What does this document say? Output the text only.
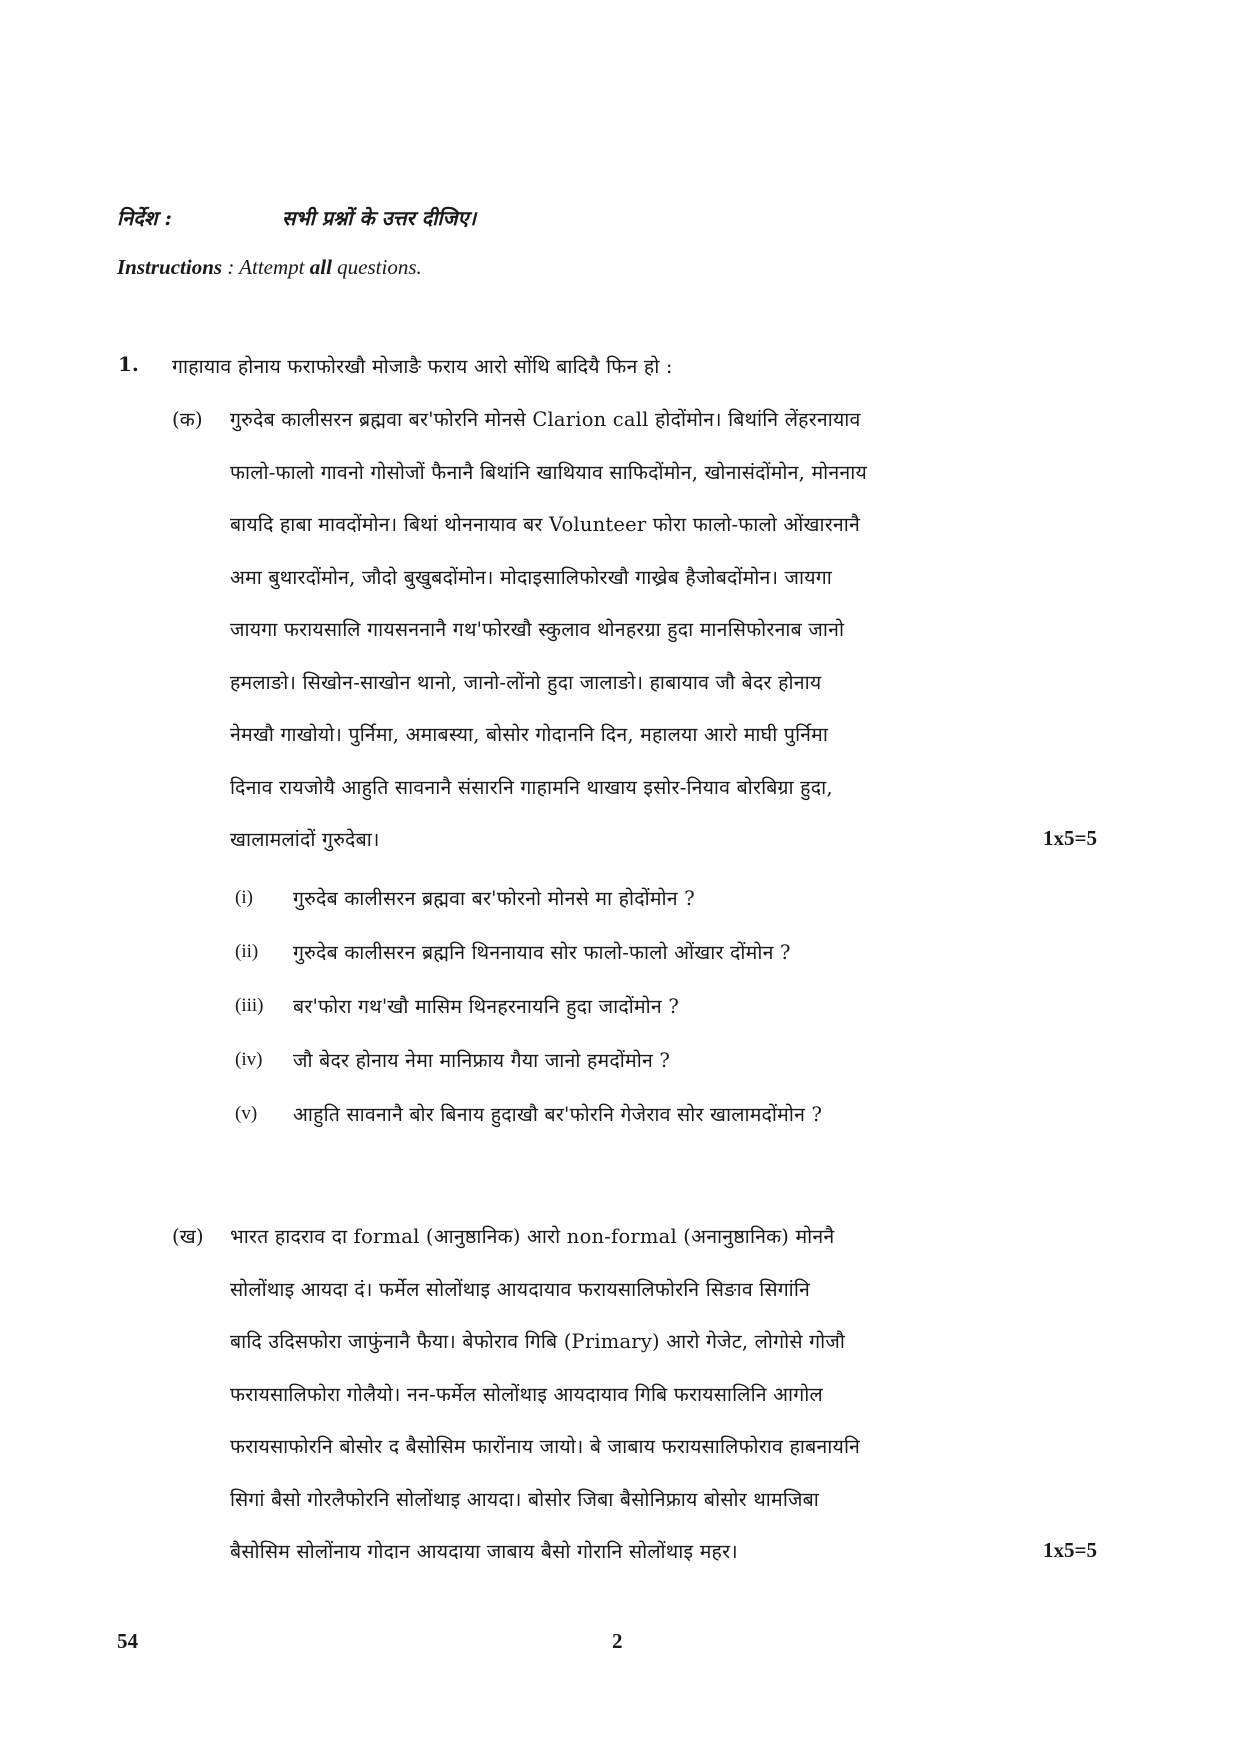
निर्देश :	सभी प्रश्नों के उत्तर दीजिए।
Instructions : Attempt all questions.
1. गाहायाव होनाय फराफोरखौ मोजाङै फराय आरो सोंथि बादियै फिन हो :
(क) गुरुदेब कालीसरन ब्रह्मवा बर'फोरनि मोनसे Clarion call होदोंमोन। बिथांनि लेंहरनायाव
फालो-फालो गावनो गोसोजों फैनानै बिथांनि खाथियाव साफिदोंमोन, खोनासंदोंमोन, मोननाय
बायदि हाबा मावदोंमोन। बिथां थोननायाव बर Volunteer फोरा फालो-फालो ओंखारनानै
अमा बुथारदोंमोन, जौदो बुखुबदोंमोन। मोदाइसालिफोरखौ गाख्रेब हैजोबदोंमोन। जायगा
जायगा फरायसालि गायसननानै गथ'फोरखौ स्कुलाव थोनहरग्रा हुदा मानसिफोरनाब जानो
हमलाङो। सिखोन-साखोन थानो, जानो-लोंनो हुदा जालाङो। हाबायाव जौ बेदर होनाय
नेमखौ गाखोयो। पुर्निमा, अमाबस्या, बोसोर गोदाननि दिन, महालया आरो माघी पुर्निमा
दिनाव रायजोयै आहुति सावनानै संसारनि गाहामनि थाखाय इसोर-नियाव बोरबिग्रा हुदा,
खालामलांदों गुरुदेबा।	1x5=5
(i) गुरुदेब कालीसरन ब्रह्मवा बर'फोरनो मोनसे मा होदोंमोन ?
(ii) गुरुदेब कालीसरन ब्रह्मनि थिननायाव सोर फालो-फालो ओंखार दोंमोन ?
(iii) बर'फोरा गथ'खौ मासिम थिनहरनायनि हुदा जादोंमोन ?
(iv) जौ बेदर होनाय नेमा मानिफ्राय गैया जानो हमदोंमोन ?
(v) आहुति सावनानै बोर बिनाय हुदाखौ बर'फोरनि गेजेराव सोर खालामदोंमोन ?
(ख) भारत हादराव दा formal (आनुष्ठानिक) आरो non-formal (अनानुष्ठानिक) मोननै
सोलोंथाइ आयदा दं। फर्मेल सोलोंथाइ आयदायाव फरायसालिफोरनि सिङाव सिगांनि
बादि उदिसफोरा जाफुंनानै फैया। बेफोराव गिबि (Primary) आरो गेजेट, लोगोसे गोजौ
फरायसालिफोरा गोलैयो। नन-फर्मेल सोलोंथाइ आयदायाव गिबि फरायसालिनि आगोल
फरायसाफोरनि बोसोर द बैसोसिम फारोंनाय जायो। बे जाबाय फरायसालिफोराव हाबनायनि
सिगां बैसो गोरलैफोरनि सोलोंथाइ आयदा। बोसोर जिबा बैसोनिफ्राय बोसोर थामजिबा
बैसोसिम सोलोंनाय गोदान आयदाया जाबाय बैसो गोरानि सोलोंथाइ महर।	1x5=5
54	2
